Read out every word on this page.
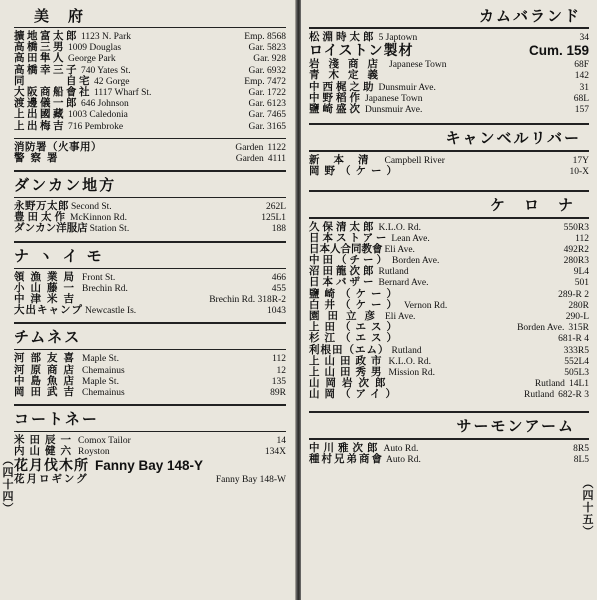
美　府
擴地富太郎 1123 N. Park	Emp. 8568
高橋三男 1009 Douglas	Gar. 5823
高田隼人 George Park	Gar. 928
高橋幸三子 740 Yates St.	Gar. 6932
同　　　自宅 42 Gorge	Emp. 7472
大阪商船會社 1117 Wharf St.	Gar. 1722
渡邊儀一郎 646 Johnson	Gar. 6123
上出國藏 1003 Caledonia	Gar. 7465
上出梅吉 716 Pembroke	Gar. 3165
消防署（火事用）	Garden 1122
警察署	Garden 4111
ダンカン地方
永野万太郎 Second St.	262L
豊田太作 McKinnon Rd.	125L1
ダンカン洋服店 Station St.	188
ナ ヽ イ モ
領漁業局 Front St.	466
小山藤一 Brechin Rd.	455
中津米吉	Brechin Rd. 318R-2
大出キャンプ Newcastle Is.	1043
チムネス
河部友喜 Maple St.	112
河原商店 Chemainus	12
中島魚店 Maple St.	135
岡田武吉 Chemainus	89R
コートネー
米田辰一 Comox Tailor	14
内山健六 Royston	134X
花月伐木所 Fanny Bay 148-Y
花月ロギング	Fanny Bay 148-W
︵
四
十
四
︶
カムバランド
松淵時太郎 5 Japtown	34
ロイストン製材	Cum. 159
岩淺商店 Japanese Town	68F
青木定義	142
中西梶之助 Dunsmuir Ave.	31
中野稻作 Japanese Town	68L
鹽崎盛次 Dunsmuir Ave.	157
キャンベルリバー
新本清 Campbell River	17Y
岡野（ケー）	10-X
ケ　ロ　ナ
久保清太郎 K.L.O. Rd.	550R3
日本ストアー Lean Ave.	112
日本人合同教會 Eli Ave.	492R2
中田（チー） Borden Ave.	280R3
沼田龍次郎 Rutland	9L4
日本バザー Bernard Ave.	501
鹽崎（ケー）	289-R 2
白井（ケー） Vernon Rd.	280R
園田立彦 Eli Ave.	290-L
上田（エス）	Borden Ave. 315R
杉江（エス）	681-R 4
利根田（エム） Rutland	333R5
上山田政市 K.L.O. Rd.	552L4
上山田秀男 Mission Rd.	505L3
山岡岩次郎	Rutland 14L1
山岡（アイ）	Rutland 682-R 3
サーモンアーム
中川雅次郎 Auto Rd.	8R5
種村兄弟商會 Auto Rd.	8L5
︵
四
十
五
︶
